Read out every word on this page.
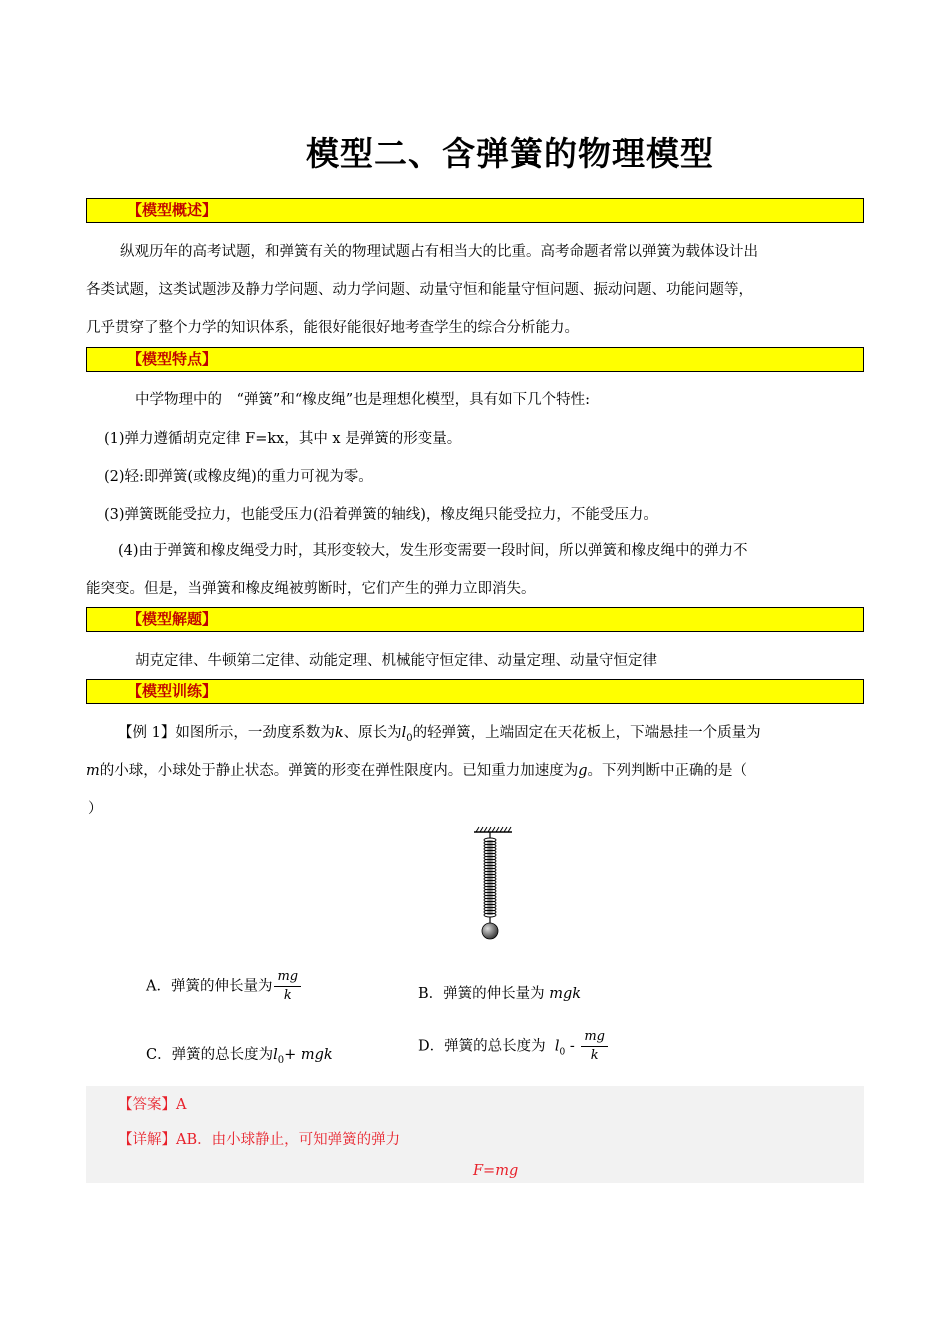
模型二、含弹簧的物理模型
【模型概述】
纵观历年的高考试题，和弹簧有关的物理试题占有相当大的比重。高考命题者常以弹簧为载体设计出
各类试题，这类试题涉及静力学问题、动力学问题、动量守恒和能量守恒问题、振动问题、功能问题等，
几乎贯穿了整个力学的知识体系，能很好能很好地考查学生的综合分析能力。
【模型特点】
中学物理中的　“弹簧”和“橡皮绳”也是理想化模型，具有如下几个特性:
(1)弹力遵循胡克定律 F=kx，其中 x 是弹簧的形变量。
(2)轻:即弹簧(或橡皮绳)的重力可视为零。
(3)弹簧既能受拉力，也能受压力(沿着弹簧的轴线)，橡皮绳只能受拉力，不能受压力。
(4)由于弹簧和橡皮绳受力时，其形变较大，发生形变需要一段时间，所以弹簧和橡皮绳中的弹力不
能突变。但是，当弹簧和橡皮绳被剪断时，它们产生的弹力立即消失。
【模型解题】
胡克定律、牛顿第二定律、动能定理、机械能守恒定律、动量定理、动量守恒定律
【模型训练】
【例 1】如图所示，一劲度系数为k、原长为$l_0$的轻弹簧，上端固定在天花板上，下端悬挂一个质量为
m的小球，小球处于静止状态。弹簧的形变在弹性限度内。已知重力加速度为g。下列判断中正确的是（
）
A．弹簧的伸长量为 $\frac{mg}{k}$	B．弹簧的伸长量为 mgk
C．弹簧的总长度为$l_0+$ mgk
D．弹簧的总长度为 $l_0 - \frac{mg}{k}$
【答案】A
【详解】AB．由小球静止，可知弹簧的弹力
F=mg
